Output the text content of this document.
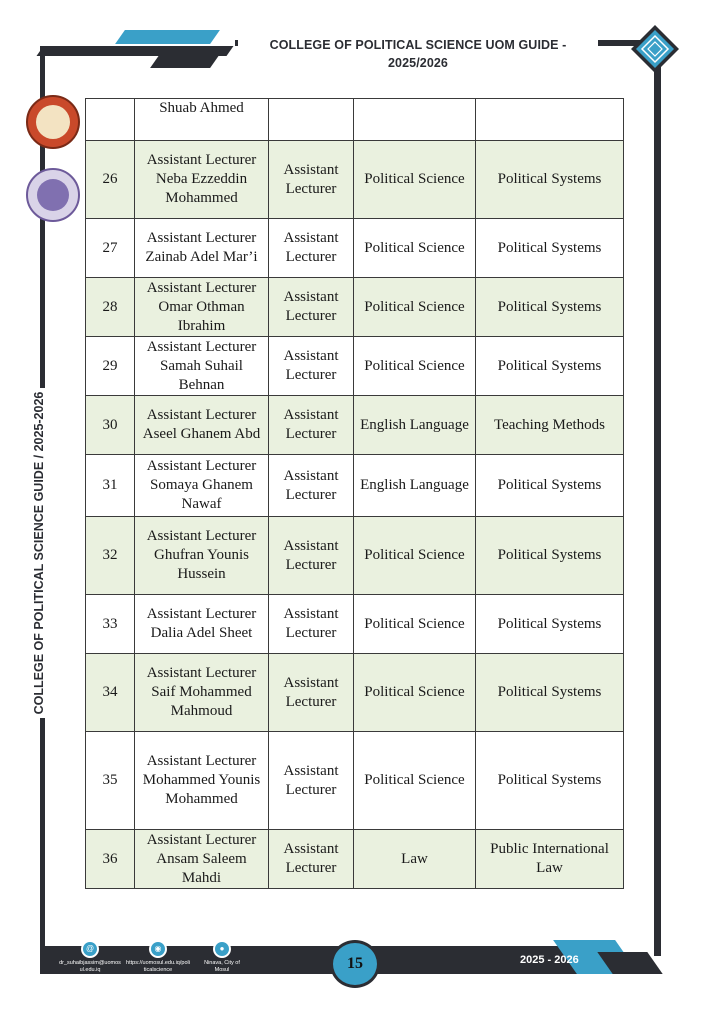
COLLEGE OF POLITICAL SCIENCE UOM GUIDE - 2025/2026
COLLEGE OF POLITICAL SCIENCE GUIDE / 2025-2026
	Shuab Ahmed			
26	Assistant Lecturer Neba Ezzeddin Mohammed	Assistant Lecturer	Political Science	Political Systems
27	Assistant Lecturer Zainab Adel Mar’i	Assistant Lecturer	Political Science	Political Systems
28	Assistant Lecturer Omar Othman Ibrahim	Assistant Lecturer	Political Science	Political Systems
29	Assistant Lecturer Samah Suhail Behnan	Assistant Lecturer	Political Science	Political Systems
30	Assistant Lecturer Aseel Ghanem Abd	Assistant Lecturer	English Language	Teaching Methods
31	Assistant Lecturer Somaya Ghanem Nawaf	Assistant Lecturer	English Language	Political Systems
32	Assistant Lecturer Ghufran Younis Hussein	Assistant Lecturer	Political Science	Political Systems
33	Assistant Lecturer Dalia Adel Sheet	Assistant Lecturer	Political Science	Political Systems
34	Assistant Lecturer Saif Mohammed Mahmoud	Assistant Lecturer	Political Science	Political Systems
35	Assistant Lecturer Mohammed Younis Mohammed	Assistant Lecturer	Political Science	Political Systems
36	Assistant Lecturer Ansam Saleem Mahdi	Assistant Lecturer	Law	Public International Law
@
dr_suhaibjassim@uomosul.edu.iq
◉
https://uomosul.edu.iq/politicalscience
●
Ninava, City of Mosul	15	2025 - 2026
